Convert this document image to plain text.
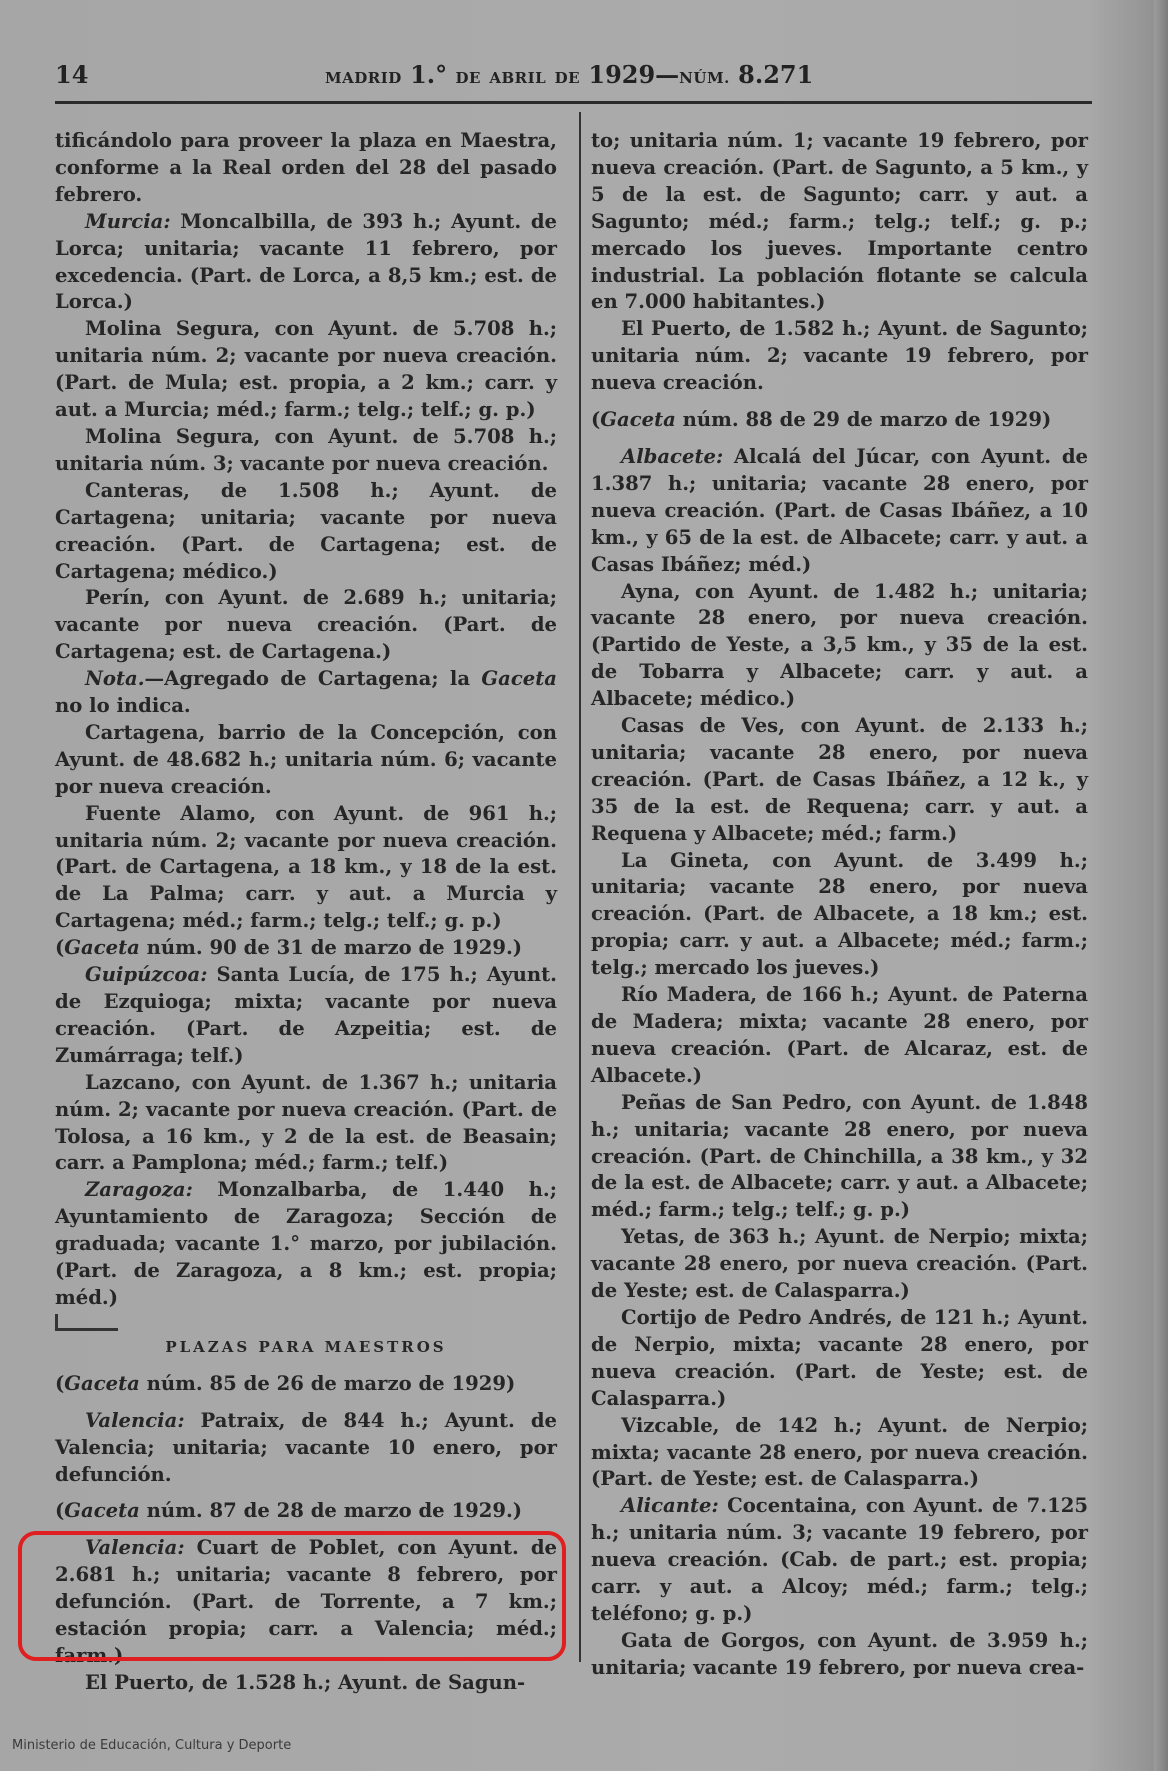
14	MADRID 1.° DE ABRIL DE 1929—NÚM. 8.271

tificándolo para proveer la plaza en Maestra, conforme a la Real orden del 28 del pasado febrero.

Murcia: Moncalbilla, de 393 h.; Ayunt. de Lorca; unitaria; vacante 11 febrero, por excedencia. (Part. de Lorca, a 8,5 km.; est. de Lorca.)

Molina Segura, con Ayunt. de 5.708 h.; unitaria núm. 2; vacante por nueva creación. (Part. de Mula; est. propia, a 2 km.; carr. y aut. a Murcia; méd.; farm.; telg.; telf.; g. p.)

Molina Segura, con Ayunt. de 5.708 h.; unitaria núm. 3; vacante por nueva creación.

Canteras, de 1.508 h.; Ayunt. de Cartagena; unitaria; vacante por nueva creación. (Part. de Cartagena; est. de Cartagena; médico.)

Perín, con Ayunt. de 2.689 h.; unitaria; vacante por nueva creación. (Part. de Cartagena; est. de Cartagena.)

Nota.—Agregado de Cartagena; la Gaceta no lo indica.

Cartagena, barrio de la Concepción, con Ayunt. de 48.682 h.; unitaria núm. 6; vacante por nueva creación.

Fuente Alamo, con Ayunt. de 961 h.; unitaria núm. 2; vacante por nueva creación. (Part. de Cartagena, a 18 km., y 18 de la est. de La Palma; carr. y aut. a Murcia y Cartagena; méd.; farm.; telg.; telf.; g. p.)

(Gaceta núm. 90 de 31 de marzo de 1929.)

Guipúzcoa: Santa Lucía, de 175 h.; Ayunt. de Ezquioga; mixta; vacante por nueva creación. (Part. de Azpeitia; est. de Zumárraga; telf.)

Lazcano, con Ayunt. de 1.367 h.; unitaria núm. 2; vacante por nueva creación. (Part. de Tolosa, a 16 km., y 2 de la est. de Beasain; carr. a Pamplona; méd.; farm.; telf.)

Zaragoza: Monzalbarba, de 1.440 h.; Ayuntamiento de Zaragoza; Sección de graduada; vacante 1.° marzo, por jubilación. (Part. de Zaragoza, a 8 km.; est. propia; méd.)

PLAZAS PARA MAESTROS

(Gaceta núm. 85 de 26 de marzo de 1929)

Valencia: Patraix, de 844 h.; Ayunt. de Valencia; unitaria; vacante 10 enero, por defunción.

(Gaceta núm. 87 de 28 de marzo de 1929.)

Valencia: Cuart de Poblet, con Ayunt. de 2.681 h.; unitaria; vacante 8 febrero, por defunción. (Part. de Torrente, a 7 km.; estación propia; carr. a Valencia; méd.; farm.)

El Puerto, de 1.528 h.; Ayunt. de Sagun-

to; unitaria núm. 1; vacante 19 febrero, por nueva creación. (Part. de Sagunto, a 5 km., y 5 de la est. de Sagunto; carr. y aut. a Sagunto; méd.; farm.; telg.; telf.; g. p.; mercado los jueves. Importante centro industrial. La población flotante se calcula en 7.000 habitantes.)

El Puerto, de 1.582 h.; Ayunt. de Sagunto; unitaria núm. 2; vacante 19 febrero, por nueva creación.

(Gaceta núm. 88 de 29 de marzo de 1929)

Albacete: Alcalá del Júcar, con Ayunt. de 1.387 h.; unitaria; vacante 28 enero, por nueva creación. (Part. de Casas Ibáñez, a 10 km., y 65 de la est. de Albacete; carr. y aut. a Casas Ibáñez; méd.)

Ayna, con Ayunt. de 1.482 h.; unitaria; vacante 28 enero, por nueva creación. (Partido de Yeste, a 3,5 km., y 35 de la est. de Tobarra y Albacete; carr. y aut. a Albacete; médico.)

Casas de Ves, con Ayunt. de 2.133 h.; unitaria; vacante 28 enero, por nueva creación. (Part. de Casas Ibáñez, a 12 k., y 35 de la est. de Requena; carr. y aut. a Requena y Albacete; méd.; farm.)

La Gineta, con Ayunt. de 3.499 h.; unitaria; vacante 28 enero, por nueva creación. (Part. de Albacete, a 18 km.; est. propia; carr. y aut. a Albacete; méd.; farm.; telg.; mercado los jueves.)

Río Madera, de 166 h.; Ayunt. de Paterna de Madera; mixta; vacante 28 enero, por nueva creación. (Part. de Alcaraz, est. de Albacete.)

Peñas de San Pedro, con Ayunt. de 1.848 h.; unitaria; vacante 28 enero, por nueva creación. (Part. de Chinchilla, a 38 km., y 32 de la est. de Albacete; carr. y aut. a Albacete; méd.; farm.; telg.; telf.; g. p.)

Yetas, de 363 h.; Ayunt. de Nerpio; mixta; vacante 28 enero, por nueva creación. (Part. de Yeste; est. de Calasparra.)

Cortijo de Pedro Andrés, de 121 h.; Ayunt. de Nerpio, mixta; vacante 28 enero, por nueva creación. (Part. de Yeste; est. de Calasparra.)

Vizcable, de 142 h.; Ayunt. de Nerpio; mixta; vacante 28 enero, por nueva creación. (Part. de Yeste; est. de Calasparra.)

Alicante: Cocentaina, con Ayunt. de 7.125 h.; unitaria núm. 3; vacante 19 febrero, por nueva creación. (Cab. de part.; est. propia; carr. y aut. a Alcoy; méd.; farm.; telg.; teléfono; g. p.)

Gata de Gorgos, con Ayunt. de 3.959 h.; unitaria; vacante 19 febrero, por nueva crea-

Ministerio de Educación, Cultura y Deporte
